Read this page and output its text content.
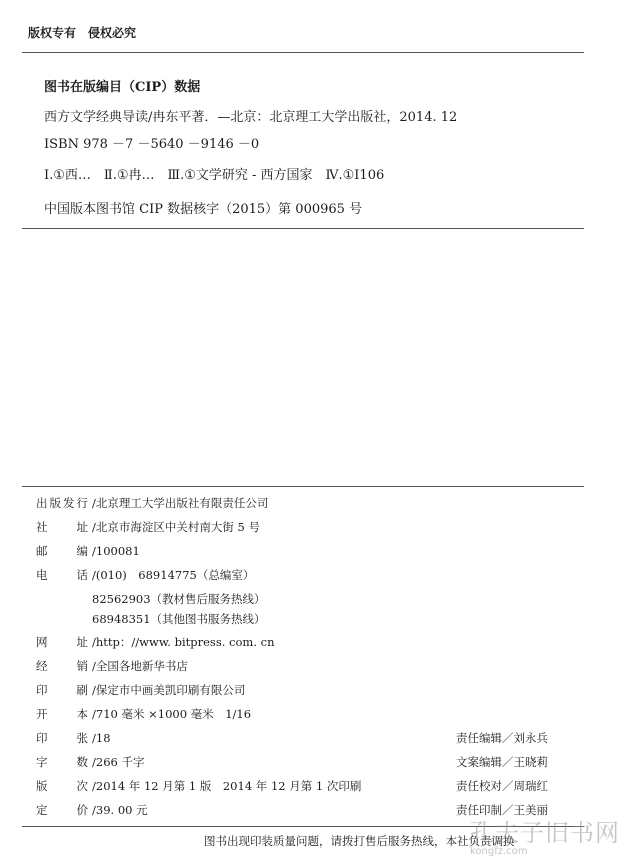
版权专有　侵权必究
图书在版编目（CIP）数据
西方文学经典导读/冉东平著．—北京：北京理工大学出版社，2014. 12
ISBN 978 －7 －5640 －9146 －0
Ⅰ.①西…　Ⅱ.①冉…　Ⅲ.①文学研究 - 西方国家　Ⅳ.①I106
中国版本图书馆 CIP 数据核字（2015）第 000965 号
出版发行 /北京理工大学出版社有限责任公司
社　　址 /北京市海淀区中关村南大街 5 号
邮　　编 /100081
电　　话 /(010)　68914775（总编室）
82562903（教材售后服务热线）
68948351（其他图书服务热线）
网　　址 /http：//www. bitpress. com. cn
经　　销 /全国各地新华书店
印　　刷 /保定市中画美凯印刷有限公司
开　　本 /710 毫米 ×1000 毫米　1/16
印　　张 /18
字　　数 /266 千字
版　　次 /2014 年 12 月第 1 版　2014 年 12 月第 1 次印刷
定　　价 /39. 00 元
责任编辑／刘永兵
文案编辑／王晓莉
责任校对／周瑞红
责任印制／王美丽
图书出现印装质量问题，请拨打售后服务热线，本社负责调换
孔夫子旧书网
kongfz.com
